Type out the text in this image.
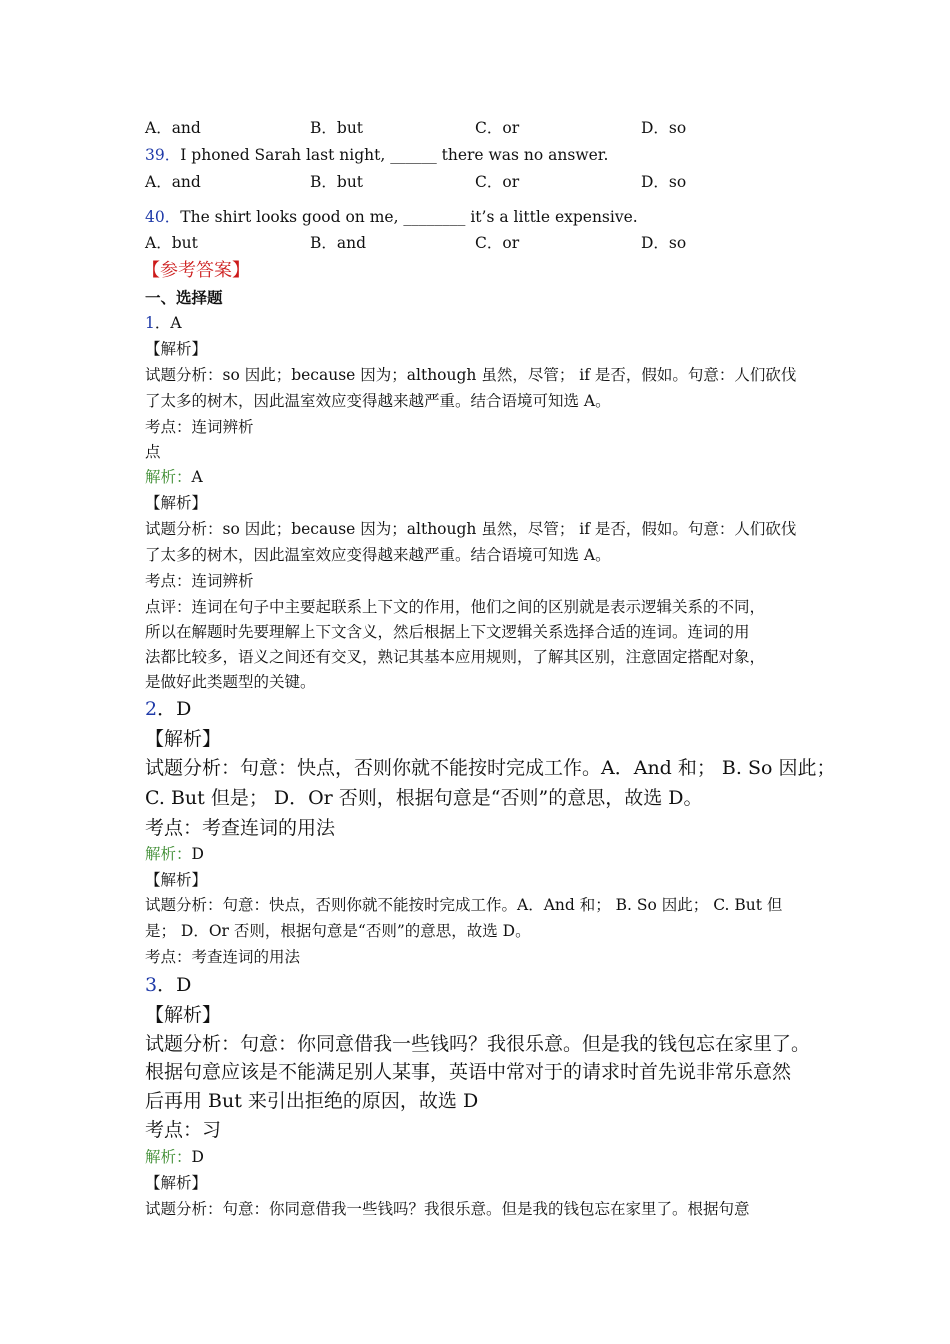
A．and	B．but	C．or	D．so
39．I phoned Sarah last night, ______ there was no answer.
A．and	B．but	C．or	D．so
40．The shirt looks good on me, ________ it’s a little expensive.
A．but	B．and	C．or	D．so
【参考答案】
一、选择题
1．A
【解析】
试题分析：so 因此；because 因为；although 虽然，尽管； if 是否，假如。句意：人们砍伐
了太多的树木，因此温室效应变得越来越严重。结合语境可知选 A。
考点：连词辨析
点
解析：A
【解析】
试题分析：so 因此；because 因为；although 虽然，尽管； if 是否，假如。句意：人们砍伐
了太多的树木，因此温室效应变得越来越严重。结合语境可知选 A。
考点：连词辨析
点评：连词在句子中主要起联系上下文的作用，他们之间的区别就是表示逻辑关系的不同，
所以在解题时先要理解上下文含义，然后根据上下文逻辑关系选择合适的连词。连词的用
法都比较多，语义之间还有交叉，熟记其基本应用规则，了解其区别，注意固定搭配对象，
是做好此类题型的关键。
2．D
【解析】
试题分析：句意：快点，否则你就不能按时完成工作。A．And 和； B. So 因此；
C. But 但是； D．Or 否则，根据句意是“否则”的意思，故选 D。
考点：考查连词的用法
解析：D
【解析】
试题分析：句意：快点，否则你就不能按时完成工作。A．And 和； B. So 因此； C. But 但
是； D．Or 否则，根据句意是“否则”的意思，故选 D。
考点：考查连词的用法
3．D
【解析】
试题分析：句意：你同意借我一些钱吗？我很乐意。但是我的钱包忘在家里了。
根据句意应该是不能满足别人某事，英语中常对于的请求时首先说非常乐意然
后再用 But 来引出拒绝的原因，故选 D
考点：习
解析：D
【解析】
试题分析：句意：你同意借我一些钱吗？我很乐意。但是我的钱包忘在家里了。根据句意
